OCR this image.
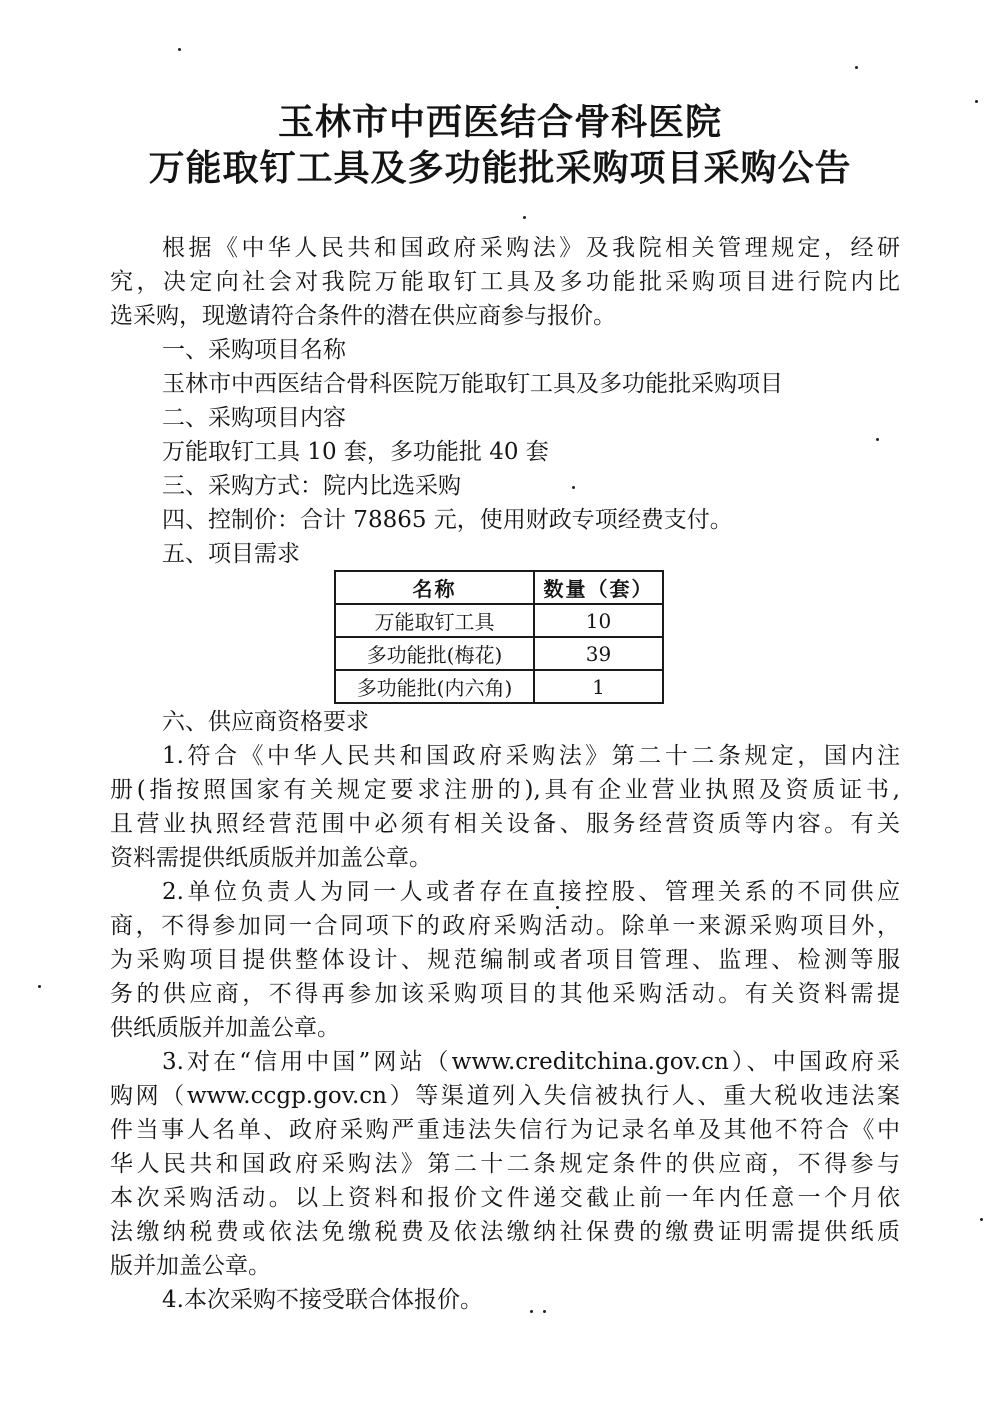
玉林市中西医结合骨科医院
万能取钉工具及多功能批采购项目采购公告
根据《中华人民共和国政府采购法》及我院相关管理规定，经研
究，决定向社会对我院万能取钉工具及多功能批采购项目进行院内比
选采购，现邀请符合条件的潜在供应商参与报价。
一、采购项目名称
玉林市中西医结合骨科医院万能取钉工具及多功能批采购项目
二、采购项目内容
万能取钉工具 10 套，多功能批 40 套
三、采购方式：院内比选采购
四、控制价：合计 78865 元，使用财政专项经费支付。
五、项目需求
名称	数量（套）
万能取钉工具	10
多功能批(梅花)	39
多功能批(内六角)	1
六、供应商资格要求
1.符合《中华人民共和国政府采购法》第二十二条规定，国内注
册(指按照国家有关规定要求注册的),具有企业营业执照及资质证书,
且营业执照经营范围中必须有相关设备、服务经营资质等内容。有关
资料需提供纸质版并加盖公章。
2.单位负责人为同一人或者存在直接控股、管理关系的不同供应
商，不得参加同一合同项下的政府采购活动。除单一来源采购项目外，
为采购项目提供整体设计、规范编制或者项目管理、监理、检测等服
务的供应商，不得再参加该采购项目的其他采购活动。有关资料需提
供纸质版并加盖公章。
3.对在“信用中国”网站（www.creditchina.gov.cn）、中国政府采
购网（www.ccgp.gov.cn）等渠道列入失信被执行人、重大税收违法案
件当事人名单、政府采购严重违法失信行为记录名单及其他不符合《中
华人民共和国政府采购法》第二十二条规定条件的供应商，不得参与
本次采购活动。以上资料和报价文件递交截止前一年内任意一个月依
法缴纳税费或依法免缴税费及依法缴纳社保费的缴费证明需提供纸质
版并加盖公章。
4.本次采购不接受联合体报价。
